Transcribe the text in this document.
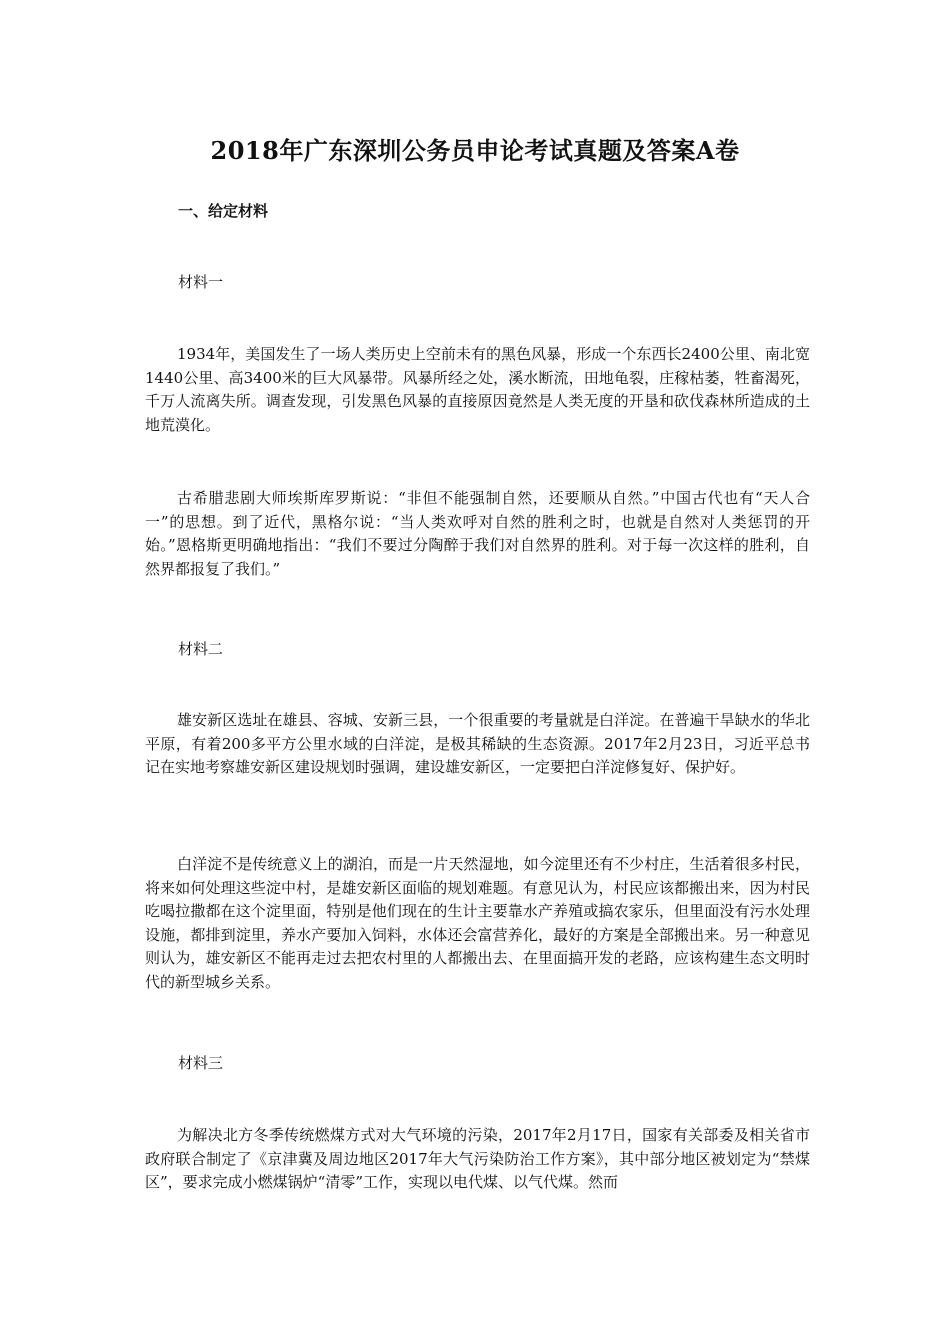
2018年广东深圳公务员申论考试真题及答案A卷
一、给定材料
材料一

1934年，美国发生了一场人类历史上空前未有的黑色风暴，形成一个东西长2400公里、南北宽1440公里、高3400米的巨大风暴带。风暴所经之处，溪水断流，田地龟裂，庄稼枯萎，牲畜渴死，千万人流离失所。调查发现，引发黑色风暴的直接原因竟然是人类无度的开垦和砍伐森林所造成的土地荒漠化。

古希腊悲剧大师埃斯库罗斯说：“非但不能强制自然，还要顺从自然。”中国古代也有“天人合一”的思想。到了近代，黑格尔说：“当人类欢呼对自然的胜利之时，也就是自然对人类惩罚的开始。”恩格斯更明确地指出：“我们不要过分陶醉于我们对自然界的胜利。对于每一次这样的胜利，自然界都报复了我们。”

材料二

雄安新区选址在雄县、容城、安新三县，一个很重要的考量就是白洋淀。在普遍干旱缺水的华北平原，有着200多平方公里水域的白洋淀，是极其稀缺的生态资源。2017年2月23日，习近平总书记在实地考察雄安新区建设规划时强调，建设雄安新区，一定要把白洋淀修复好、保护好。

白洋淀不是传统意义上的湖泊，而是一片天然湿地，如今淀里还有不少村庄，生活着很多村民，将来如何处理这些淀中村，是雄安新区面临的规划难题。有意见认为，村民应该都搬出来，因为村民吃喝拉撒都在这个淀里面，特别是他们现在的生计主要靠水产养殖或搞农家乐，但里面没有污水处理设施，都排到淀里，养水产要加入饲料，水体还会富营养化，最好的方案是全部搬出来。另一种意见则认为，雄安新区不能再走过去把农村里的人都搬出去、在里面搞开发的老路，应该构建生态文明时代的新型城乡关系。

材料三

为解决北方冬季传统燃煤方式对大气环境的污染，2017年2月17日，国家有关部委及相关省市政府联合制定了《京津冀及周边地区2017年大气污染防治工作方案》，其中部分地区被划定为“禁煤区”，要求完成小燃煤锅炉“清零”工作，实现以电代煤、以气代煤。然而
